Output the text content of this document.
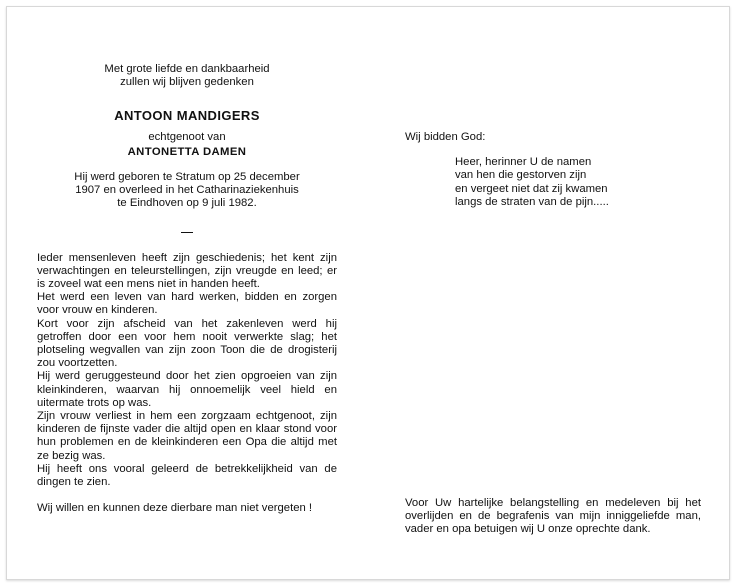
Met grote liefde en dankbaarheid

zullen wij blijven gedenken

ANTOON MANDIGERS
echtgenoot van
ANTONETTA DAMEN
Hij werd geboren te Stratum op 25 december
1907 en overleed in het Catharinaziekenhuis
te Eindhoven op 9 juli 1982.

Ieder mensenleven heeft zijn geschiedenis; het kent zijn verwachtingen en teleurstellingen, zijn vreugde en leed; er is zoveel wat een mens niet in handen heeft.

Het werd een leven van hard werken, bidden en zorgen voor vrouw en kinderen.

Kort voor zijn afscheid van het zakenleven werd hij getroffen door een voor hem nooit verwerkte slag; het plotseling wegvallen van zijn zoon Toon die de drogisterij zou voortzetten.

Hij werd geruggesteund door het zien opgroeien van zijn kleinkinderen, waarvan hij onnoemelijk veel hield en uitermate trots op was.

Zijn vrouw verliest in hem een zorgzaam echtgenoot, zijn kinderen de fijnste vader die altijd open en klaar stond voor hun problemen en de kleinkinderen een Opa die altijd met ze bezig was.

Hij heeft ons vooral geleerd de betrekkelijkheid van de dingen te zien.

Wij willen en kunnen deze dierbare man niet vergeten !

Wij bidden God:

Heer, herinner U de namen

van hen die gestorven zijn

en vergeet niet dat zij kwamen

langs de straten van de pijn.....

Voor Uw hartelijke belangstelling en medeleven bij het overlijden en de begrafenis van mijn inniggeliefde man, vader en opa betuigen wij U onze oprechte dank.
